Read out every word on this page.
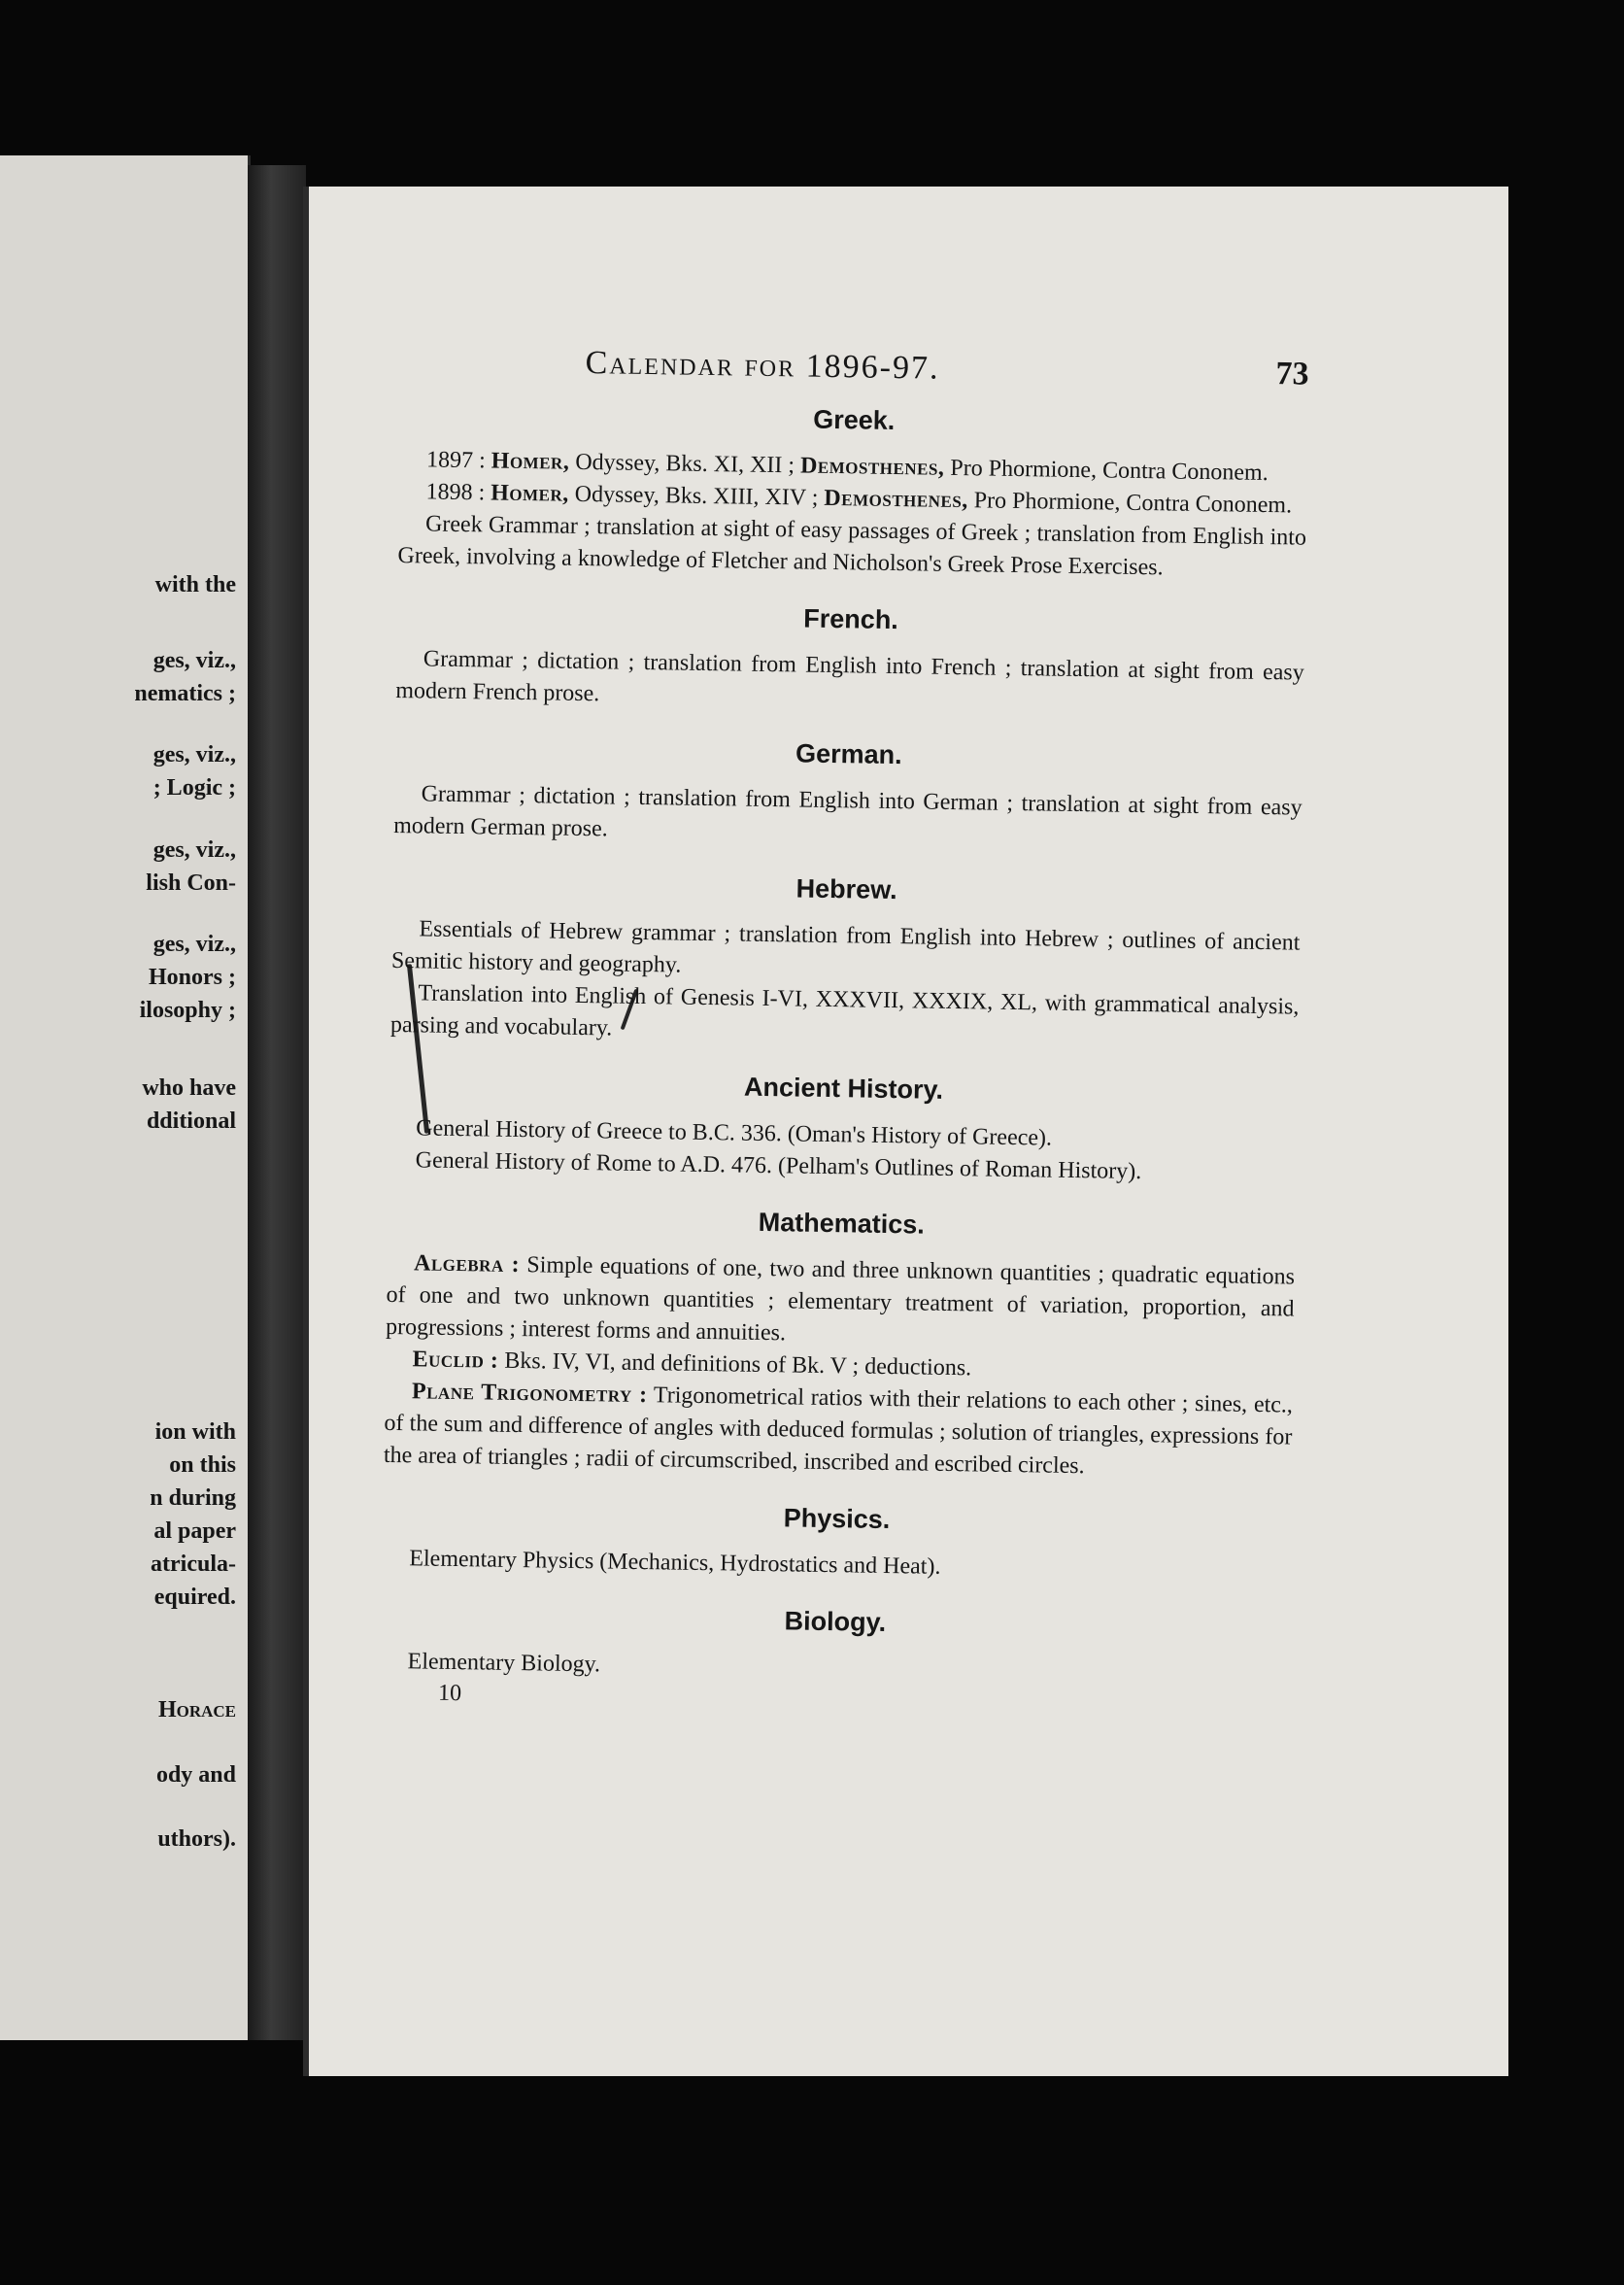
with the

ges, viz.,

nematics ;

ges, viz.,

; Logic ;

ges, viz.,

lish Con-

ges, viz.,

Honors ;

ilosophy ;

who have

dditional

ion with

on this

n during

al paper

atricula-

equired.

Horace

ody and

uthors).

Calendar for 1896-97.	73
Greek.

1897 : Homer, Odyssey, Bks. XI, XII ; Demosthenes, Pro Phormione, Contra Cononem.

1898 : Homer, Odyssey, Bks. XIII, XIV ; Demosthenes, Pro Phormione, Contra Cononem.

Greek Grammar ; translation at sight of easy passages of Greek ; translation from English into Greek, involving a knowledge of Fletcher and Nicholson's Greek Prose Exercises.

French.

Grammar ; dictation ; translation from English into French ; translation at sight from easy modern French prose.

German.

Grammar ; dictation ; translation from English into German ; translation at sight from easy modern German prose.

Hebrew.

Essentials of Hebrew grammar ; translation from English into Hebrew ; outlines of ancient Semitic history and geography.

Translation into English of Genesis I-VI, XXXVII, XXXIX, XL, with grammatical analysis, parsing and vocabulary.

Ancient History.

General History of Greece to B.C. 336. (Oman's History of Greece).

General History of Rome to A.D. 476. (Pelham's Outlines of Roman History).

Mathematics.

Algebra : Simple equations of one, two and three unknown quantities ; quadratic equations of one and two unknown quantities ; elementary treatment of variation, proportion, and progressions ; interest forms and annuities.

Euclid : Bks. IV, VI, and definitions of Bk. V ; deductions.

Plane Trigonometry : Trigonometrical ratios with their relations to each other ; sines, etc., of the sum and difference of angles with deduced formulas ; solution of triangles, expressions for the area of triangles ; radii of circumscribed, inscribed and escribed circles.

Physics.

Elementary Physics (Mechanics, Hydrostatics and Heat).

Biology.

Elementary Biology.

10
